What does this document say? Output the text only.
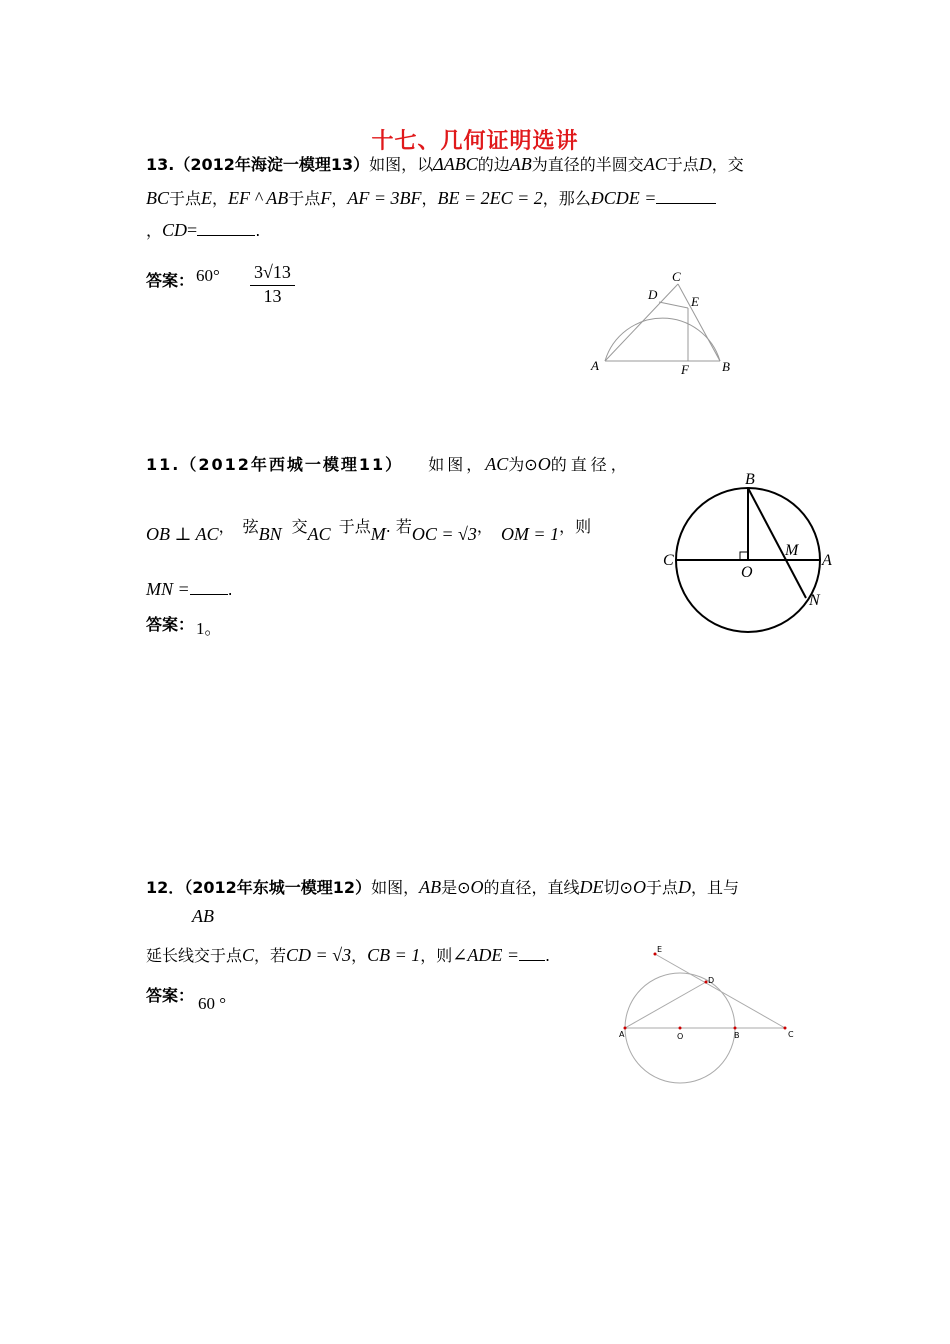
十七、几何证明选讲
13.（2012年海淀一模理13）如图，以ΔABC的边AB为直径的半圆交AC于点D，交
BC于点E，EF ^ AB于点F，AF = 3BF，BE = 2EC = 2，那么ÐCDE =
，CD=	.
答案： $60^\circ \frac{3√13}{13}$	C
D	E
A	F	B
11.（2012年西城一模理11） 如图，AC为⊙O的直径，
OB ⊥ AC， 弦BN 交AC 于点M. 若OC = √3， OM = 1，则
MN = .
答案： 1。
B
C
O
M
A
N
12．（2012年东城一模理12）如图，AB是⊙O的直径，直线DE切⊙O于点D，且与
AB
延长线交于点C，若CD = √3，CB = 1，则∠ADE = .
答案： 60 °
E
D
A	O	B	C
